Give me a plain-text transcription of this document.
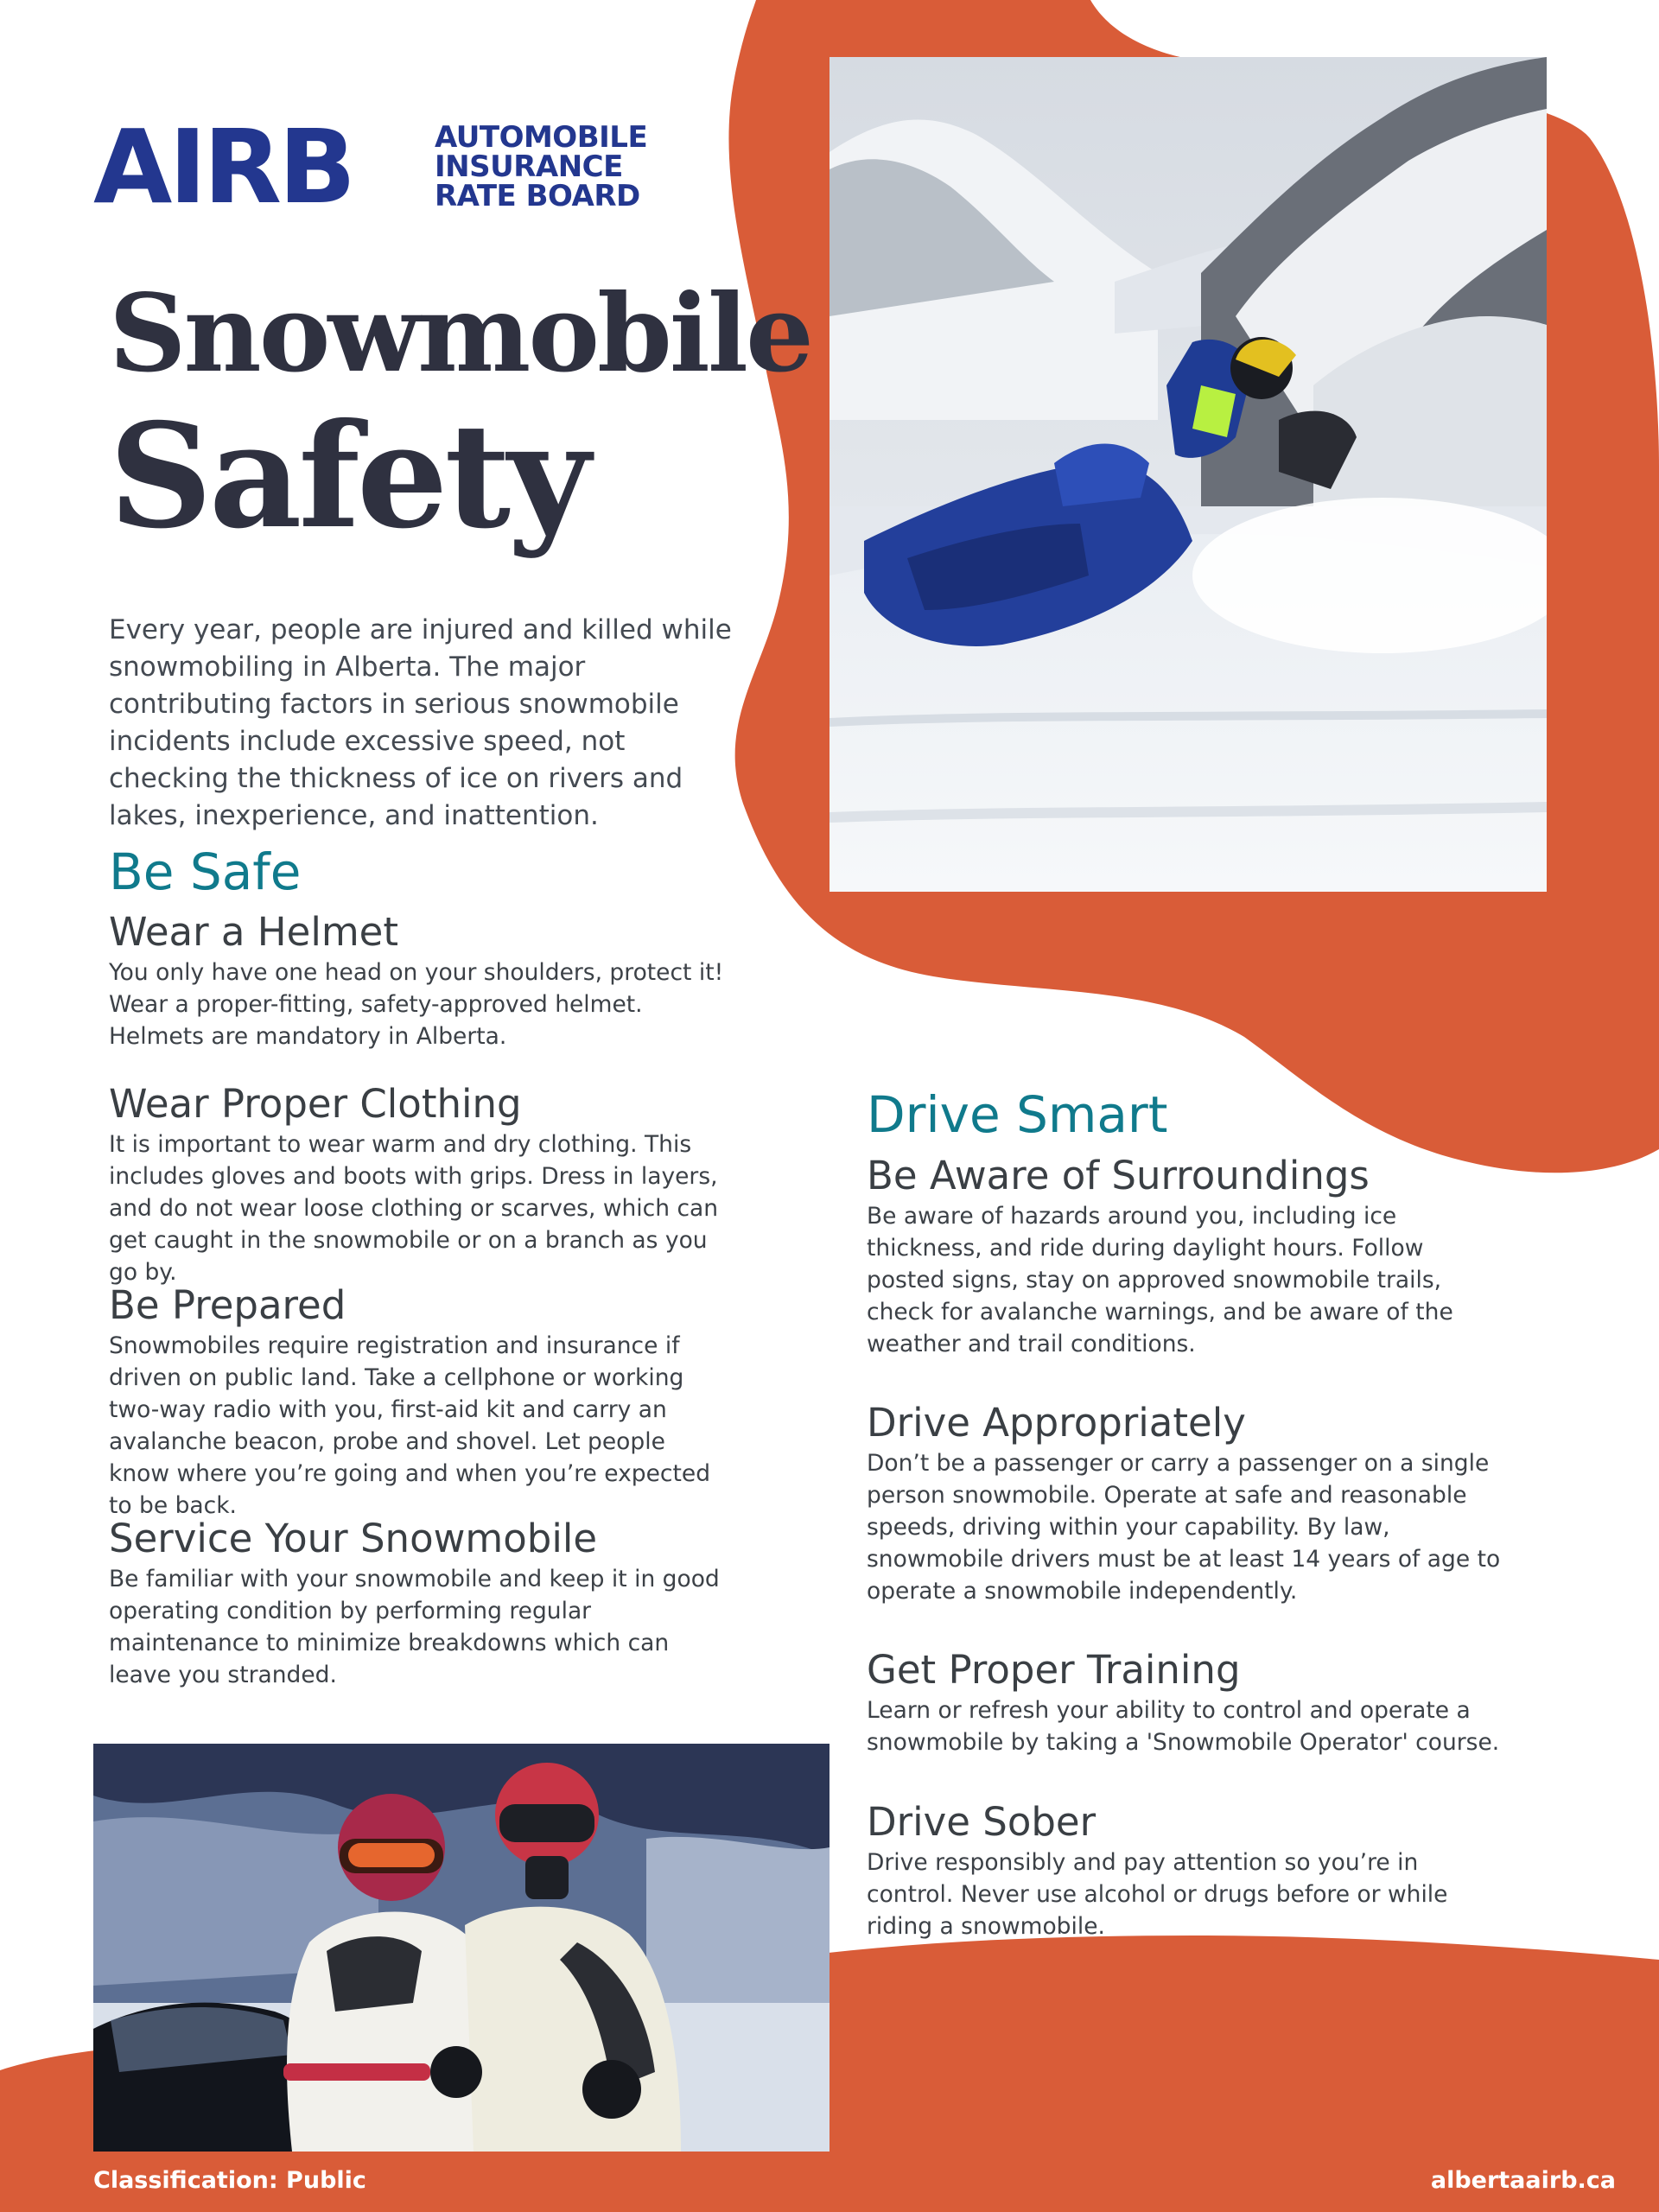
AIRB	AUTOMOBILE
INSURANCE
RATE BOARD
Snowmobile
Safety
Every year, people are injured and killed while snowmobiling in Alberta. The major contributing factors in serious snowmobile incidents include excessive speed, not checking the thickness of ice on rivers and lakes, inexperience, and inattention.
Be Safe
Wear a Helmet

You only have one head on your shoulders, protect it! Wear a proper-fitting, safety-approved helmet. Helmets are mandatory in Alberta.

Wear Proper Clothing

It is important to wear warm and dry clothing. This includes gloves and boots with grips. Dress in layers, and do not wear loose clothing or scarves, which can get caught in the snowmobile or on a branch as you go by.

Be Prepared

Snowmobiles require registration and insurance if driven on public land. Take a cellphone or working two-way radio with you, first-aid kit and carry an avalanche beacon, probe and shovel. Let people know where you’re going and when you’re expected to be back.

Service Your Snowmobile

Be familiar with your snowmobile and keep it in good operating condition by performing regular maintenance to minimize breakdowns which can leave you stranded.

Drive Smart
Be Aware of Surroundings

Be aware of hazards around you, including ice thickness, and ride during daylight hours. Follow posted signs, stay on approved snowmobile trails, check for avalanche warnings, and be aware of the weather and trail conditions.

Drive Appropriately

Don’t be a passenger or carry a passenger on a single person snowmobile. Operate at safe and reasonable speeds, driving within your capability. By law, snowmobile drivers must be at least 14 years of age to operate a snowmobile independently.

Get Proper Training

Learn or refresh your ability to control and operate a snowmobile by taking a 'Snowmobile Operator' course.

Drive Sober

Drive responsibly and pay attention so you’re in control. Never use alcohol or drugs before or while riding a snowmobile.

Classification: Public	albertaairb.ca
